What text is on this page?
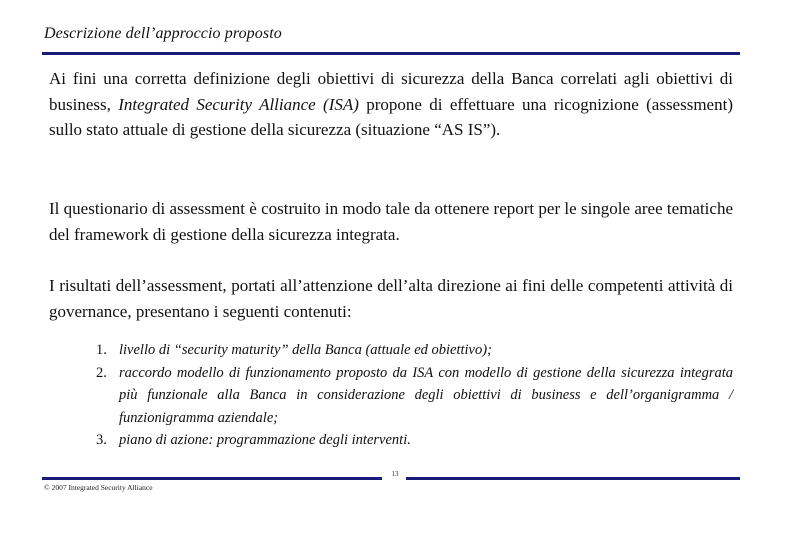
Descrizione dell’approccio proposto
Ai fini una corretta definizione degli obiettivi di sicurezza della Banca correlati agli obiettivi di business, Integrated Security Alliance (ISA) propone di effettuare una ricognizione (assessment) sullo stato attuale di gestione della sicurezza (situazione “AS IS”).
Il questionario di assessment è costruito in modo tale da ottenere report per le singole aree tematiche del framework di gestione della sicurezza integrata.
I risultati dell’assessment, portati all’attenzione dell’alta direzione ai fini delle competenti attività di governance, presentano i seguenti contenuti:
1. livello di “security maturity” della Banca (attuale ed obiettivo);
2. raccordo modello di funzionamento proposto da ISA con modello di gestione della sicurezza integrata più funzionale alla Banca in considerazione degli obiettivi di business e dell’organigramma / funzionigramma aziendale;
3. piano di azione: programmazione degli interventi.
13
© 2007 Integrated Security Alliance
